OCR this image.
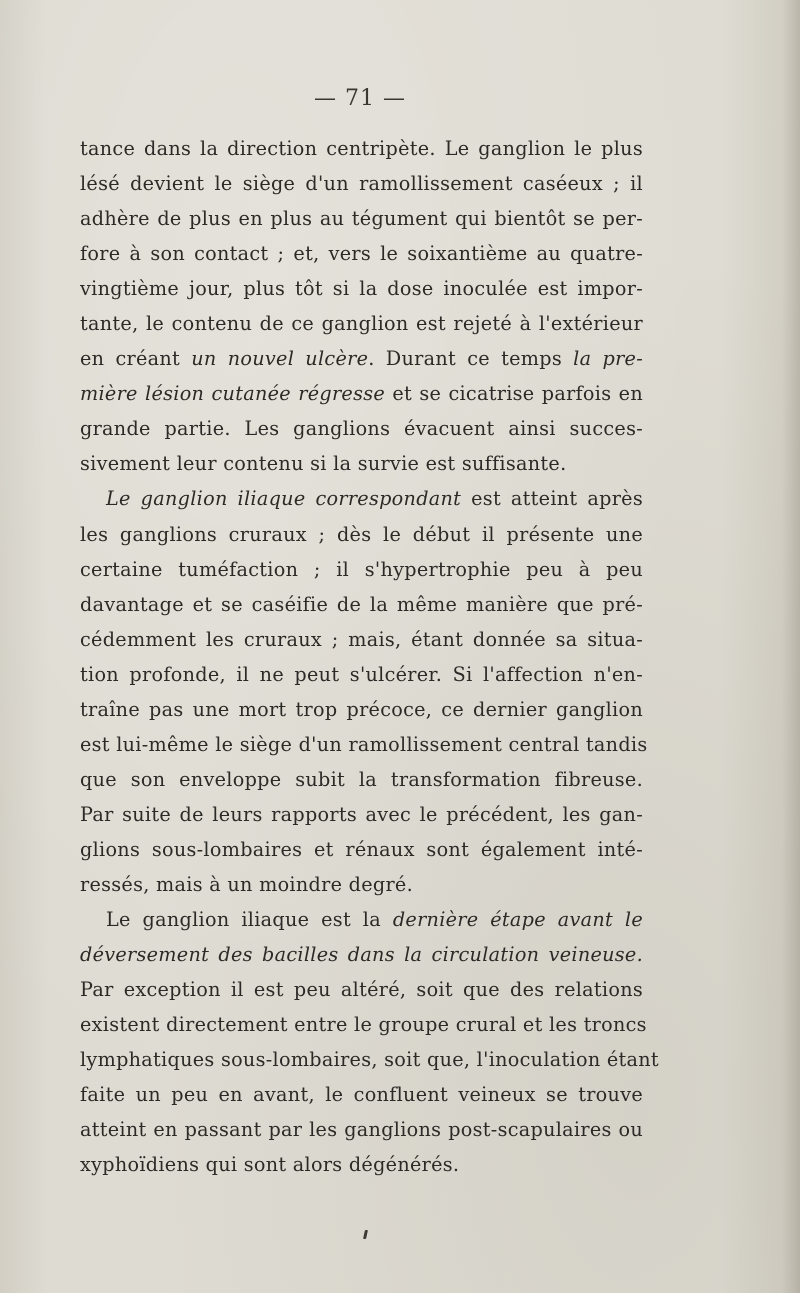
— 71 —
tance dans la direction centripète. Le ganglion le plus
lésé devient le siège d'un ramollissement caséeux ; il
adhère de plus en plus au tégument qui bientôt se per-
fore à son contact ; et, vers le soixantième au quatre-
vingtième jour, plus tôt si la dose inoculée est impor-
tante, le contenu de ce ganglion est rejeté à l'extérieur
en créant un nouvel ulcère. Durant ce temps la pre-
mière lésion cutanée régresse et se cicatrise parfois en
grande partie. Les ganglions évacuent ainsi succes-
sivement leur contenu si la survie est suffisante.
Le ganglion iliaque correspondant est atteint après
les ganglions cruraux ; dès le début il présente une
certaine tuméfaction ; il s'hypertrophie peu à peu
davantage et se caséifie de la même manière que pré-
cédemment les cruraux ; mais, étant donnée sa situa-
tion profonde, il ne peut s'ulcérer. Si l'affection n'en-
traîne pas une mort trop précoce, ce dernier ganglion
est lui-même le siège d'un ramollissement central tandis
que son enveloppe subit la transformation fibreuse.
Par suite de leurs rapports avec le précédent, les gan-
glions sous-lombaires et rénaux sont également inté-
ressés, mais à un moindre degré.
Le ganglion iliaque est la dernière étape avant le
déversement des bacilles dans la circulation veineuse.
Par exception il est peu altéré, soit que des relations
existent directement entre le groupe crural et les troncs
lymphatiques sous-lombaires, soit que, l'inoculation étant
faite un peu en avant, le confluent veineux se trouve
atteint en passant par les ganglions post-scapulaires ou
xyphoïdiens qui sont alors dégénérés.
